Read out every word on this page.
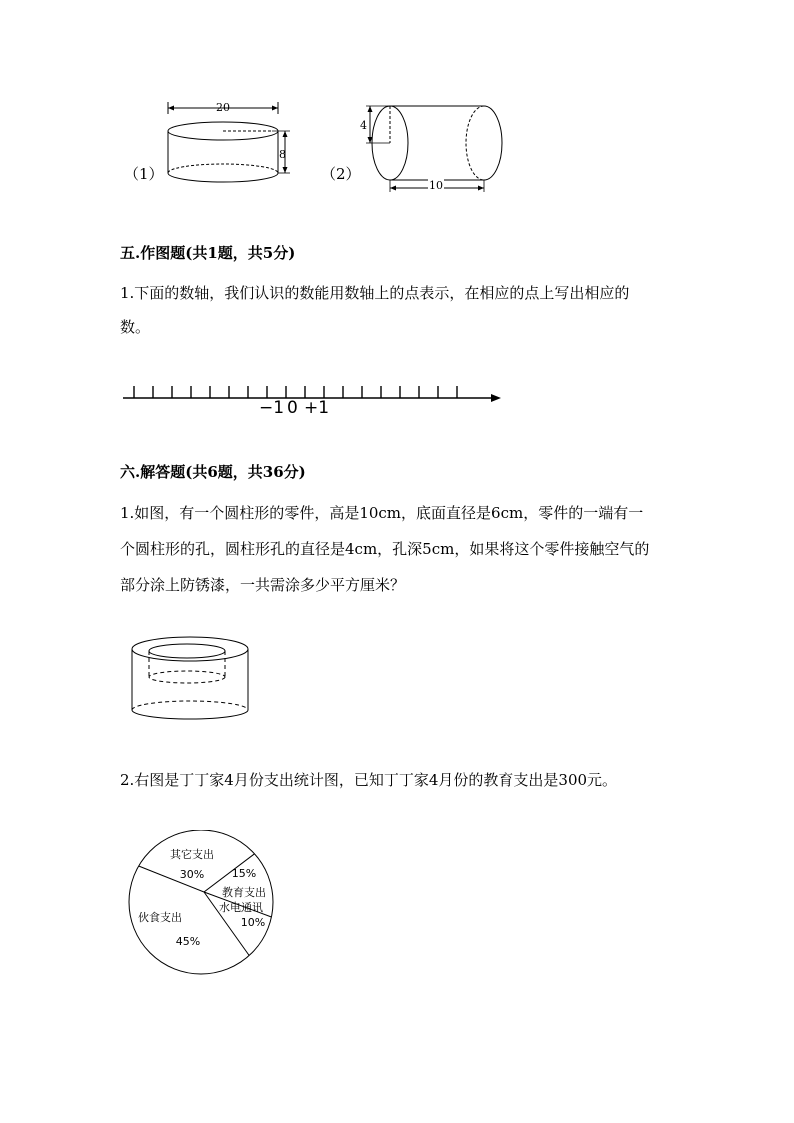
（1）
20
8
（2）
4
10
五.作图题(共1题，共5分)
1.下面的数轴，我们认识的数能用数轴上的点表示，在相应的点上写出相应的
数。
−1 0 +1
六.解答题(共6题，共36分)
1.如图，有一个圆柱形的零件，高是10cm，底面直径是6cm，零件的一端有一
个圆柱形的孔，圆柱形孔的直径是4cm，孔深5cm，如果将这个零件接触空气的
部分涂上防锈漆，一共需涂多少平方厘米？
2.右图是丁丁家4月份支出统计图，已知丁丁家4月份的教育支出是300元。
其它支出
30%
教育支出
15%
水电通讯
10%
伙食支出
45%
